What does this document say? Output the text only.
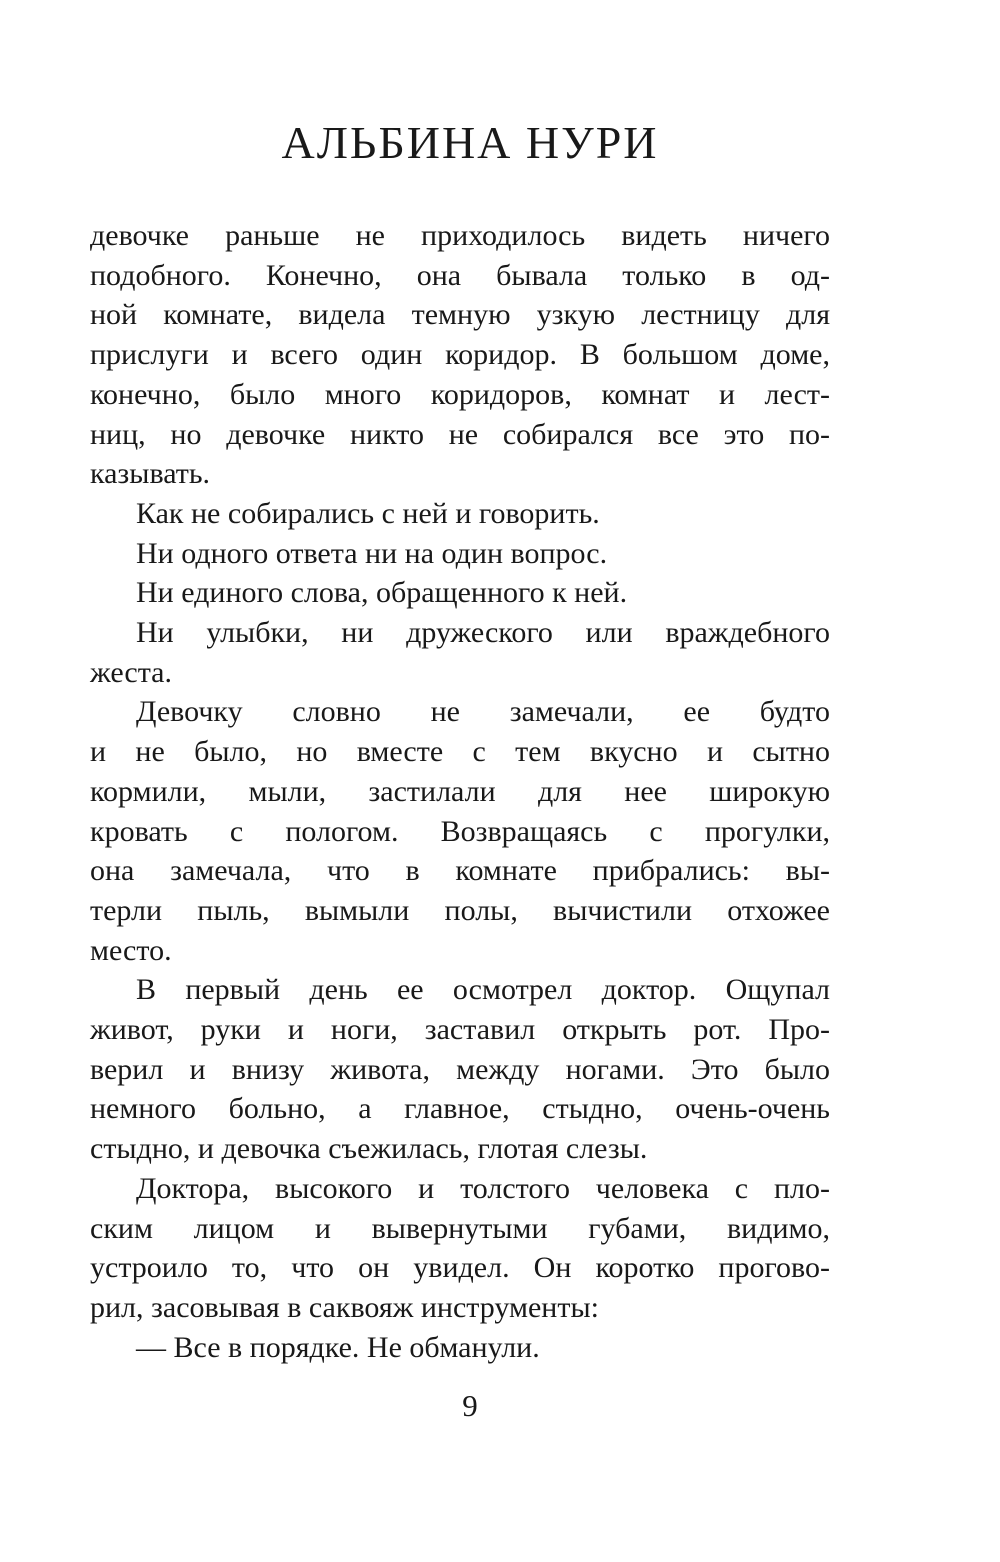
АЛЬБИНА НУРИ
девочке раньше не приходилось видеть ничего
подобного. Конечно, она бывала только в од-
ной комнате, видела темную узкую лестницу для
прислуги и всего один коридор. В большом доме,
конечно, было много коридоров, комнат и лест-
ниц, но девочке никто не собирался все это по-
казывать.
Как не собирались с ней и говорить.
Ни одного ответа ни на один вопрос.
Ни единого слова, обращенного к ней.
Ни улыбки, ни дружеского или враждебного
жеста.
Девочку словно не замечали, ее будто
и не было, но вместе с тем вкусно и сытно
кормили, мыли, застилали для нее широкую
кровать с пологом. Возвращаясь с прогулки,
она замечала, что в комнате прибрались: вы-
терли пыль, вымыли полы, вычистили отхожее
место.
В первый день ее осмотрел доктор. Ощупал
живот, руки и ноги, заставил открыть рот. Про-
верил и внизу живота, между ногами. Это было
немного больно, а главное, стыдно, очень-очень
стыдно, и девочка съежилась, глотая слезы.
Доктора, высокого и толстого человека с пло-
ским лицом и вывернутыми губами, видимо,
устроило то, что он увидел. Он коротко прогово-
рил, засовывая в саквояж инструменты:
— Все в порядке. Не обманули.
9
